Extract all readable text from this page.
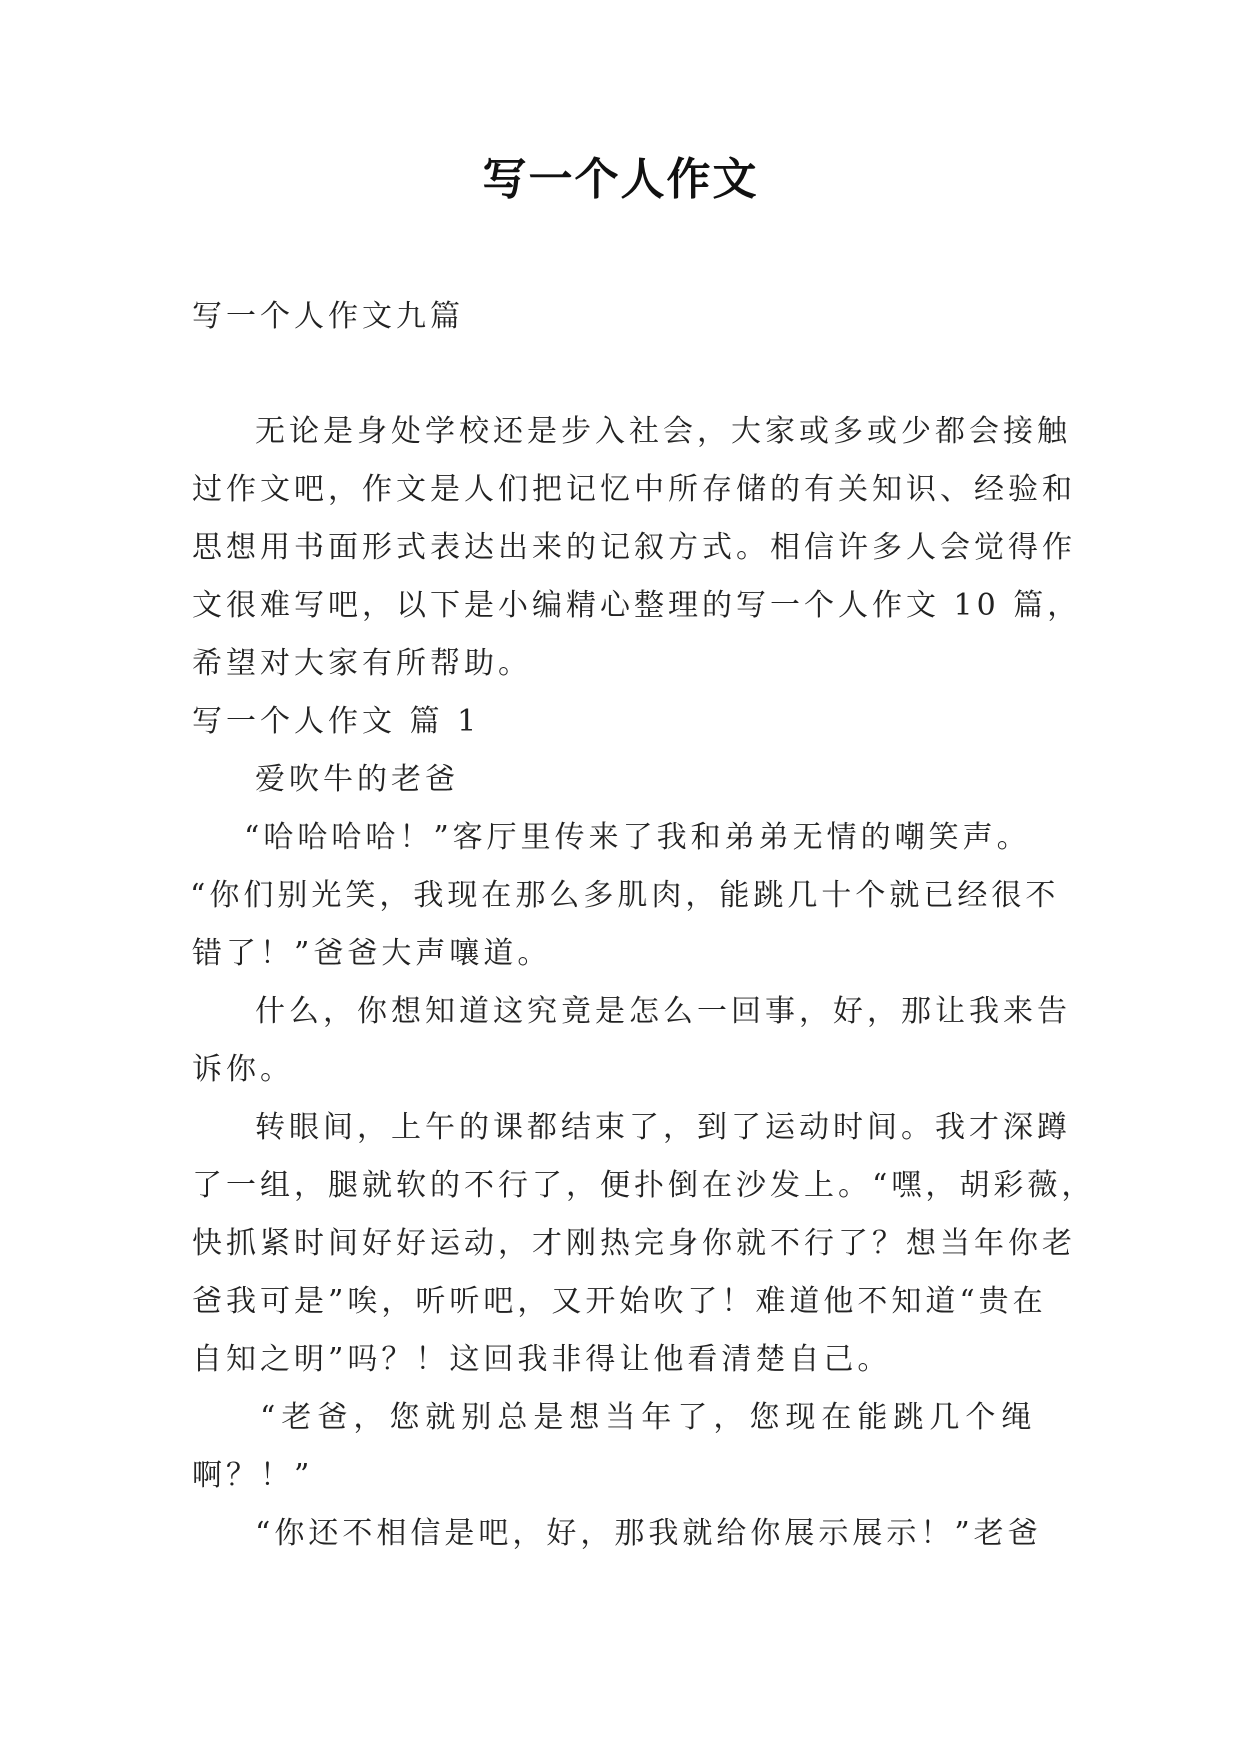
写一个人作文
写一个人作文九篇
无论是身处学校还是步入社会，大家或多或少都会接触
过作文吧，作文是人们把记忆中所存储的有关知识、经验和
思想用书面形式表达出来的记叙方式。相信许多人会觉得作
文很难写吧，以下是小编精心整理的写一个人作文 10 篇，
希望对大家有所帮助。
写一个人作文 篇 1
爱吹牛的老爸
“哈哈哈哈！”客厅里传来了我和弟弟无情的嘲笑声。
“你们别光笑，我现在那么多肌肉，能跳几十个就已经很不
错了！”爸爸大声嚷道。
什么，你想知道这究竟是怎么一回事，好，那让我来告
诉你。
转眼间，上午的课都结束了，到了运动时间。我才深蹲
了一组，腿就软的不行了，便扑倒在沙发上。“嘿，胡彩薇，
快抓紧时间好好运动，才刚热完身你就不行了？想当年你老
爸我可是”唉，听听吧，又开始吹了！难道他不知道“贵在
自知之明”吗？！这回我非得让他看清楚自己。
“老爸，您就别总是想当年了，您现在能跳几个绳
啊？！”
“你还不相信是吧，好，那我就给你展示展示！”老爸
